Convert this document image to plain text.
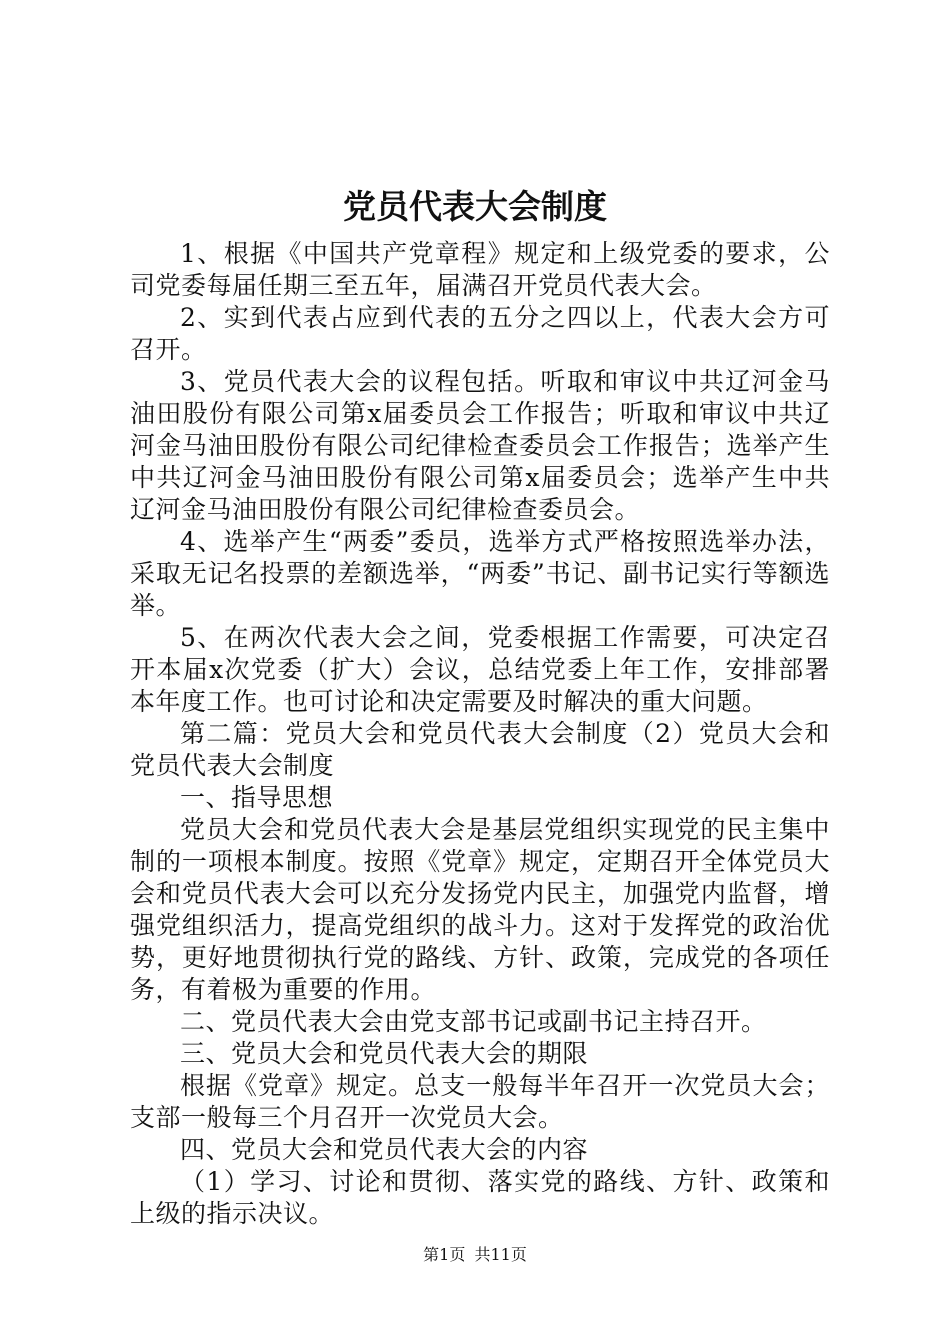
党员代表大会制度

1、根据《中国共产党章程》规定和上级党委的要求，公司党委每届任期三至五年，届满召开党员代表大会。

2、实到代表占应到代表的五分之四以上，代表大会方可召开。

3、党员代表大会的议程包括。听取和审议中共辽河金马油田股份有限公司第x届委员会工作报告；听取和审议中共辽河金马油田股份有限公司纪律检查委员会工作报告；选举产生中共辽河金马油田股份有限公司第x届委员会；选举产生中共辽河金马油田股份有限公司纪律检查委员会。

4、选举产生“两委”委员，选举方式严格按照选举办法，采取无记名投票的差额选举，“两委”书记、副书记实行等额选举。

5、在两次代表大会之间，党委根据工作需要，可决定召开本届x次党委（扩大）会议，总结党委上年工作，安排部署本年度工作。也可讨论和决定需要及时解决的重大问题。

第二篇：党员大会和党员代表大会制度（2）党员大会和党员代表大会制度

一、指导思想

党员大会和党员代表大会是基层党组织实现党的民主集中制的一项根本制度。按照《党章》规定，定期召开全体党员大会和党员代表大会可以充分发扬党内民主，加强党内监督，增强党组织活力，提高党组织的战斗力。这对于发挥党的政治优势，更好地贯彻执行党的路线、方针、政策，完成党的各项任务，有着极为重要的作用。

二、党员代表大会由党支部书记或副书记主持召开。

三、党员大会和党员代表大会的期限

根据《党章》规定。总支一般每半年召开一次党员大会；支部一般每三个月召开一次党员大会。

四、党员大会和党员代表大会的内容

（1）学习、讨论和贯彻、落实党的路线、方针、政策和上级的指示决议。

第1页 共11页
